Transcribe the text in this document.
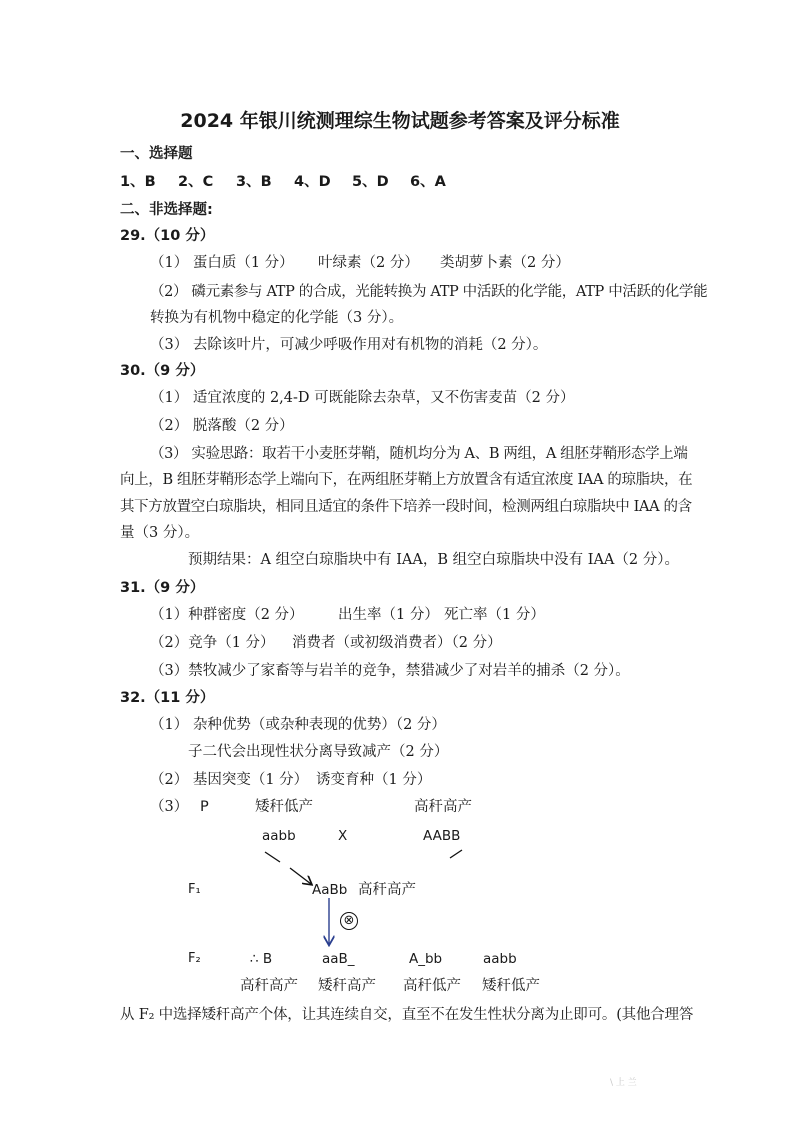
2024 年银川统测理综生物试题参考答案及评分标准
一、选择题
1、B 2、C 3、B 4、D 5、D 6、A
二、非选择题:
29.（10 分）
（1） 蛋白质（1 分） 叶绿素（2 分） 类胡萝卜素（2 分）
（2） 磷元素参与 ATP 的合成，光能转换为 ATP 中活跃的化学能，ATP 中活跃的化学能
转换为有机物中稳定的化学能（3 分）。
（3） 去除该叶片，可减少呼吸作用对有机物的消耗（2 分）。
30.（9 分）
（1） 适宜浓度的 2,4-D 可既能除去杂草，又不伤害麦苗（2 分）
（2） 脱落酸（2 分）
（3） 实验思路：取若干小麦胚芽鞘，随机均分为 A、B 两组，A 组胚芽鞘形态学上端
向上，B 组胚芽鞘形态学上端向下，在两组胚芽鞘上方放置含有适宜浓度 IAA 的琼脂块，在
其下方放置空白琼脂块，相同且适宜的条件下培养一段时间，检测两组白琼脂块中 IAA 的含
量（3 分）。
预期结果：A 组空白琼脂块中有 IAA，B 组空白琼脂块中没有 IAA（2 分）。
31.（9 分）
（1）种群密度（2 分） 出生率（1 分） 死亡率（1 分）
（2）竞争（1 分） 消费者（或初级消费者）（2 分）
（3）禁牧减少了家畜等与岩羊的竞争，禁猎减少了对岩羊的捕杀（2 分）。
32.（11 分）
（1） 杂种优势（或杂种表现的优势）（2 分）
子二代会出现性状分离导致减产（2 分）
（2） 基因突变（1 分） 诱变育种（1 分）
（3） P	矮秆低产	高秆高产
aabb	X	AABB
F₁	AaBb 高秆高产
⊗
F₂	∴ B	aaB_	A_bb	aabb
高秆高产 矮秆高产 高秆低产 矮秆低产
从 F₂ 中选择矮秆高产个体，让其连续自交，直至不在发生性状分离为止即可。(其他合理答
\ 上 兰
